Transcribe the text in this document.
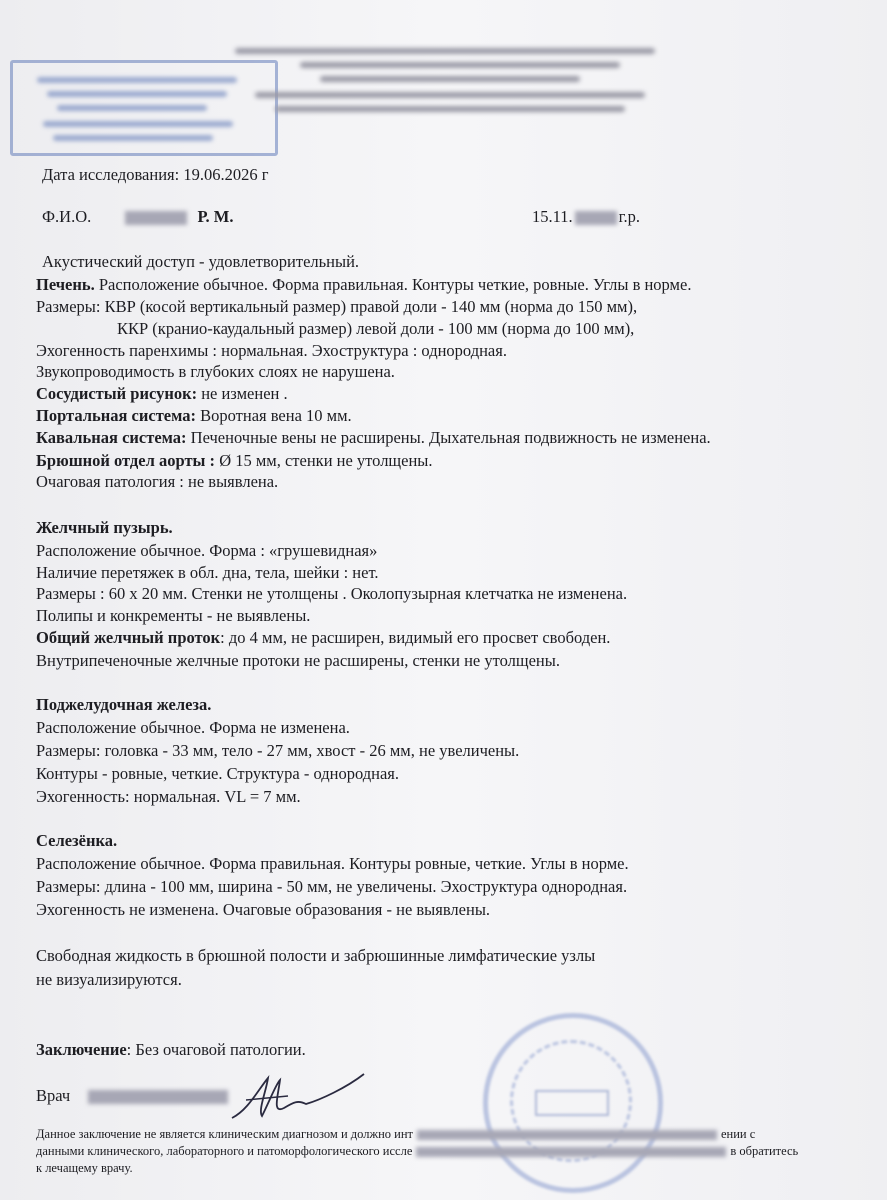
Дата исследования: 19.06.2026 г
Ф.И.О.	Р. М.	15.11.	г.р.
Акустический доступ - удовлетворительный.
Печень. Расположение обычное. Форма правильная. Контуры четкие, ровные. Углы в норме.
Размеры: КВР (косой вертикальный размер) правой доли - 140 мм (норма до 150 мм),
ККР (кранио-каудальный размер) левой доли - 100 мм (норма до 100 мм),
Эхогенность паренхимы : нормальная. Эхоструктура : однородная.
Звукопроводимость в глубоких слоях не нарушена.
Сосудистый рисунок: не изменен .
Портальная система: Воротная вена 10 мм.
Кавальная система: Печеночные вены не расширены. Дыхательная подвижность не изменена.
Брюшной отдел аорты : Ø 15 мм, стенки не утолщены.
Очаговая патология : не выявлена.
Желчный пузырь.
Расположение обычное. Форма : «грушевидная»
Наличие перетяжек в обл. дна, тела, шейки : нет.
Размеры : 60 х 20 мм. Стенки не утолщены . Околопузырная клетчатка не изменена.
Полипы и конкременты - не выявлены.
Общий желчный проток: до 4 мм, не расширен, видимый его просвет свободен.
Внутрипеченочные желчные протоки не расширены, стенки не утолщены.
Поджелудочная железа.
Расположение обычное. Форма не изменена.
Размеры: головка - 33 мм, тело - 27 мм, хвост - 26 мм, не увеличены.
Контуры - ровные, четкие. Структура - однородная.
Эхогенность: нормальная. VL = 7 мм.
Селезёнка.
Расположение обычное. Форма правильная. Контуры ровные, четкие. Углы в норме.
Размеры: длина - 100 мм, ширина - 50 мм, не увеличены. Эхоструктура однородная.
Эхогенность не изменена. Очаговые образования - не выявлены.
Свободная жидкость в брюшной полости и забрюшинные лимфатические узлы
не визуализируются.
Заключение: Без очаговой патологии.
Врач
Данное заключение не является клиническим диагнозом и должно инт	ении с
данными клинического, лабораторного и патоморфологического иссле	в обратитесь
к лечащему врачу.
